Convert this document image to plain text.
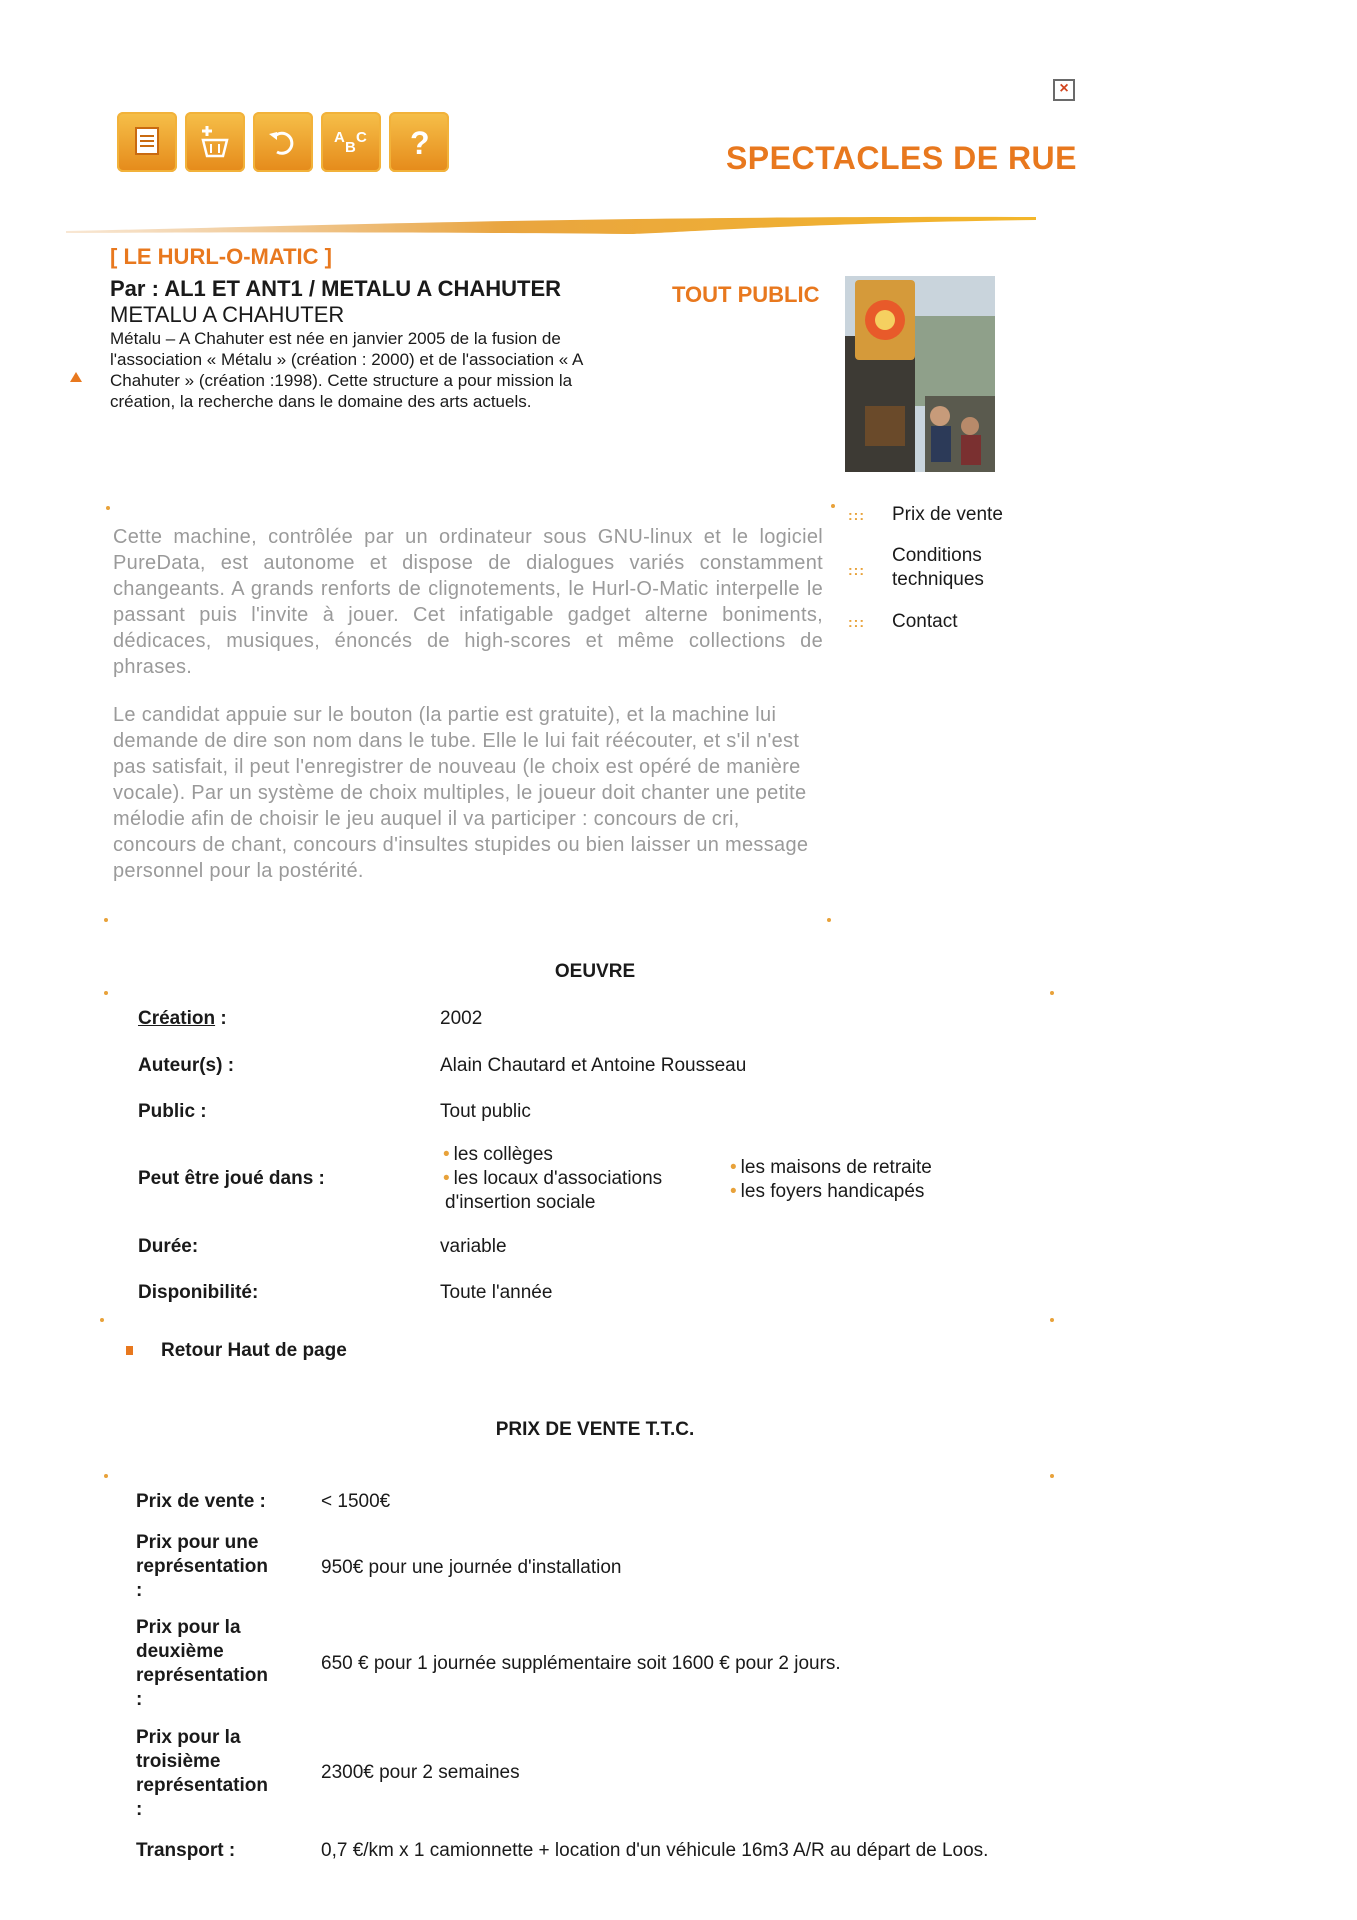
×
A
B
C ?	SPECTACLES DE RUE
[ LE HURL-O-MATIC ]
Par : AL1 ET ANT1 / METALU A CHAHUTER
METALU A CHAHUTER
Métalu – A Chahuter est née en janvier 2005 de la fusion de l'association « Métalu » (création : 2000) et de l'association « A Chahuter » (création :1998). Cette structure a pour mission la création, la recherche dans le domaine des arts actuels.
TOUT PUBLIC
Cette machine, contrôlée par un ordinateur sous GNU-linux et le logiciel PureData, est autonome et dispose de dialogues variés constamment changeants. A grands renforts de clignotements, le Hurl-O-Matic interpelle le passant puis l'invite à jouer. Cet infatigable gadget alterne boniments, dédicaces, musiques, énoncés de high-scores et même collections de phrases.
Le candidat appuie sur le bouton (la partie est gratuite), et la machine lui demande de dire son nom dans le tube. Elle le lui fait réécouter, et s'il n'est pas satisfait, il peut l'enregistrer de nouveau (le choix est opéré de manière vocale). Par un système de choix multiples, le joueur doit chanter une petite mélodie afin de choisir le jeu auquel il va participer : concours de cri, concours de chant, concours d'insultes stupides ou bien laisser un message personnel pour la postérité.
::: Prix de vente
:::
Conditions
techniques
::: Contact
OEUVRE
Création :	2002
Auteur(s) :	Alain Chautard et Antoine Rousseau
Public :	Tout public
Peut être joué dans :
• les collèges
• les locaux d'associations
d'insertion sociale
• les maisons de retraite
• les foyers handicapés
Durée:	variable
Disponibilité:	Toute l'année
Retour Haut de page
PRIX DE VENTE T.T.C.
Prix de vente :	< 1500€
Prix pour une
représentation
:
950€ pour une journée d'installation
Prix pour la
deuxième
représentation
:
650 € pour 1 journée supplémentaire soit 1600 € pour 2 jours.
Prix pour la
troisième
représentation
:
2300€ pour 2 semaines
Transport :	0,7 €/km x 1 camionnette + location d'un véhicule 16m3 A/R au départ de Loos.
